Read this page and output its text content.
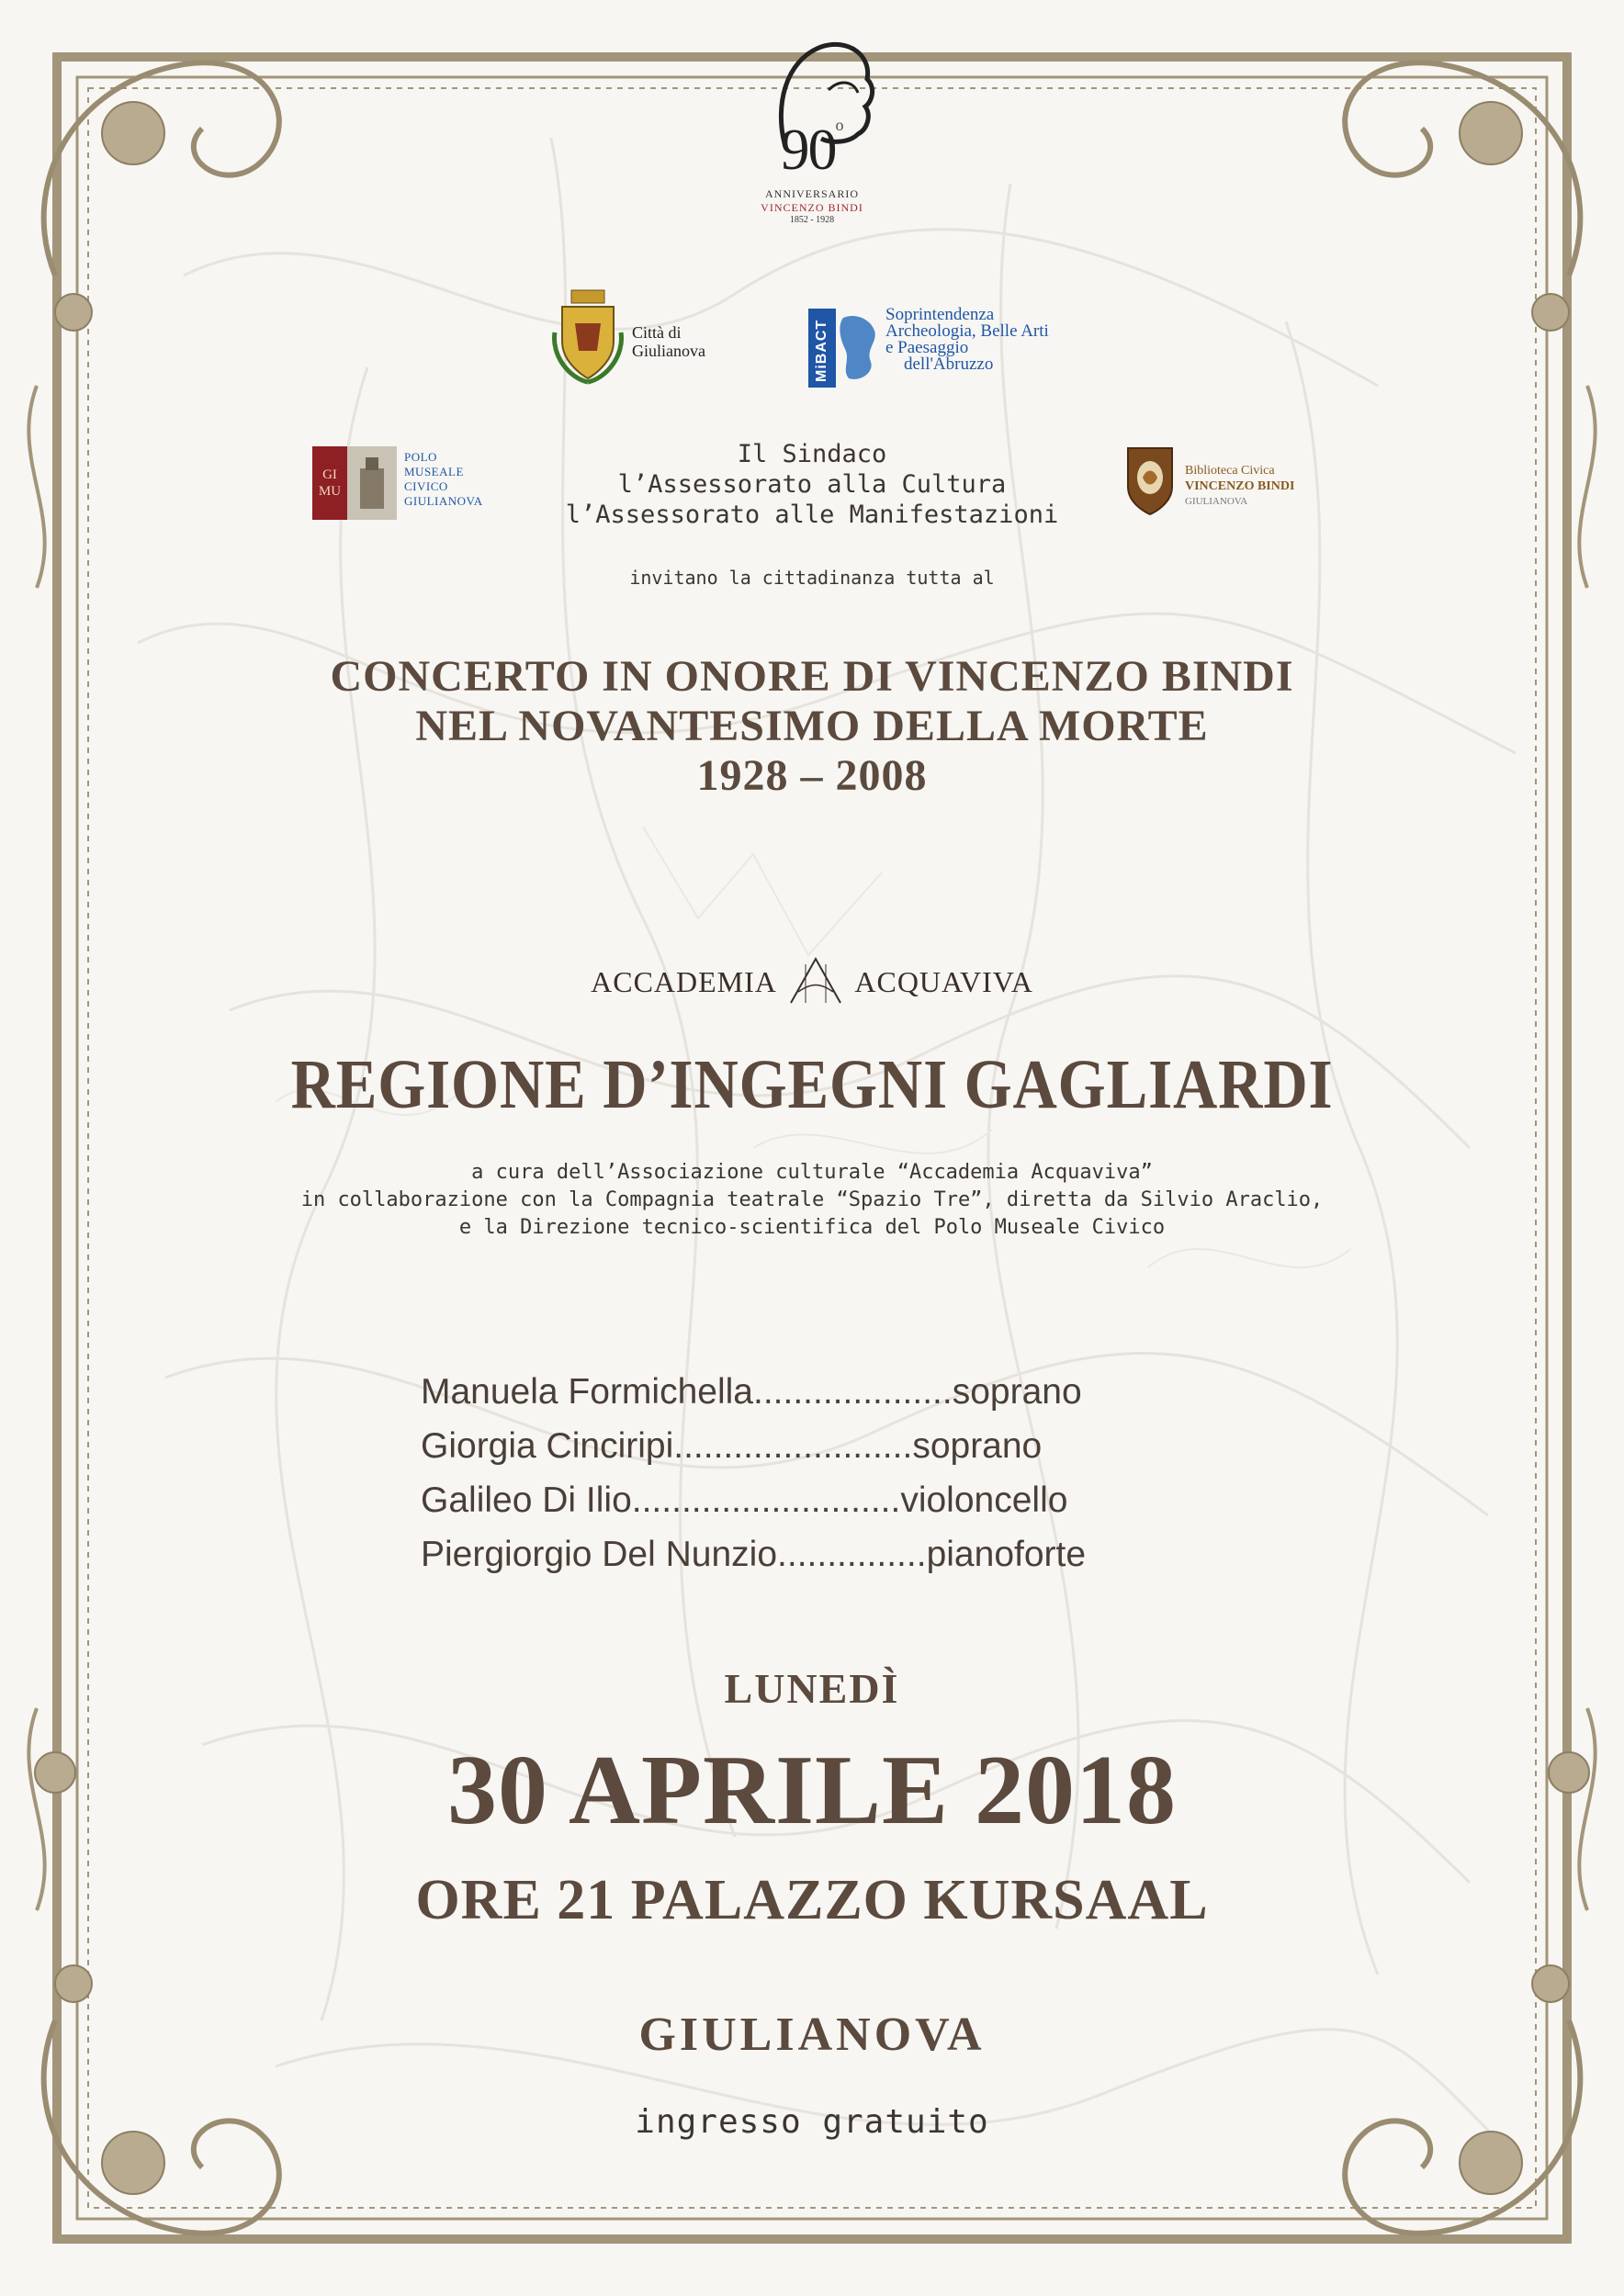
90o
ANNIVERSARIO
VINCENZO BINDI
1852 - 1928
Città di
Giulianova	MiBACT
Soprintendenza
Archeologia, Belle Arti
e Paesaggio
dell'Abruzzo
GI MU
POLO
MUSEALE
CIVICO
GIULIANOVA
Biblioteca Civica
VINCENZO BINDI
GIULIANOVA
Il Sindaco
l’Assessorato alla Cultura
l’Assessorato alle Manifestazioni
invitano la cittadinanza tutta al
CONCERTO IN ONORE DI VINCENZO BINDI
NEL NOVANTESIMO DELLA MORTE
1928 – 2008
ACCADEMIA	ACQUAVIVA
REGIONE D’INGEGNI GAGLIARDI
a cura dell’Associazione culturale “Accademia Acquaviva”
in collaborazione con la Compagnia teatrale “Spazio Tre”, diretta da Silvio Araclio,
e la Direzione tecnico-scientifica del Polo Museale Civico
Manuela Formichella....................soprano
Giorgia Cinciripi........................soprano
Galileo Di Ilio...........................violoncello
Piergiorgio Del Nunzio...............pianoforte
LUNEDÌ
30 APRILE 2018
ORE 21 PALAZZO KURSAAL
GIULIANOVA
ingresso gratuito
